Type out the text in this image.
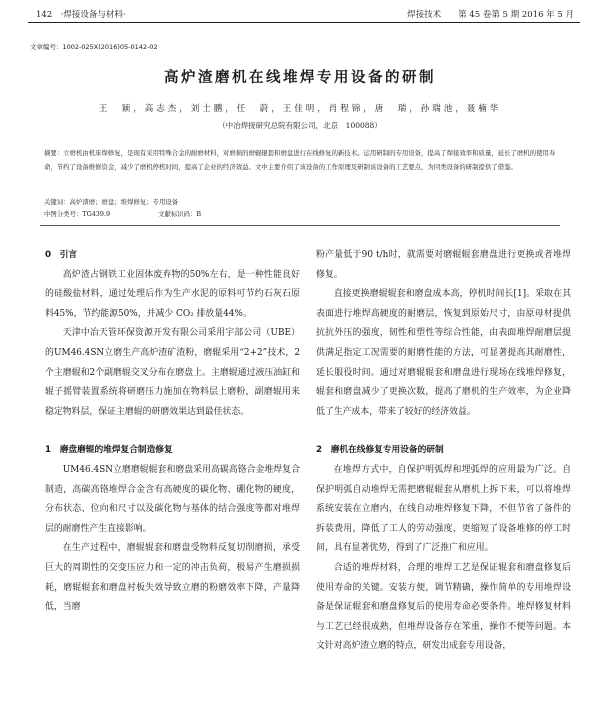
142　·焊接设备与材料·	焊接技术　　第 45 卷第 5 期 2016 年 5 月
文章编号：1002-025X(2016)05-0142-02
高炉渣磨机在线堆焊专用设备的研制
王　颖，高志杰，刘士鹏，任　蔚，王佳明，肖程锦，唐　瑞，孙瑞池，聂楠华
（中冶焊接研究总院有限公司，北京　100088）
摘要：立磨机由机床焊修复，是现有采用特殊合金的耐磨材料，对磨损的磨辊辊套和磨盘进行在线修复的新技术。运用研制的专用设备，提高了焊接效率和质量，延长了磨机的使用寿命，节约了设备维修资金，减少了磨机停机时间，提高了企业的经济效益。文中主要介绍了该设备的工作原理及研制该设备的工艺要点，为同类设备的研制提供了借鉴。
关键词：高炉渣磨；磨盘；堆焊修复；专用设备
中图分类号：TG439.9	文献标识码：B
0　引言

高炉渣占钢铁工业固体废弃物的50%左右，是一种性能良好的硅酸盐材料，通过处理后作为生产水泥的原料可节约石灰石原料45%，节约能源50%，并减少 CO₂ 排放量44%。

天津中冶天管环保资源开发有限公司采用宇部公司（UBE）的UM46.4SN立磨生产高炉渣矿渣粉，磨辊采用“2+2”技术，2个主磨辊和2个副磨辊交叉分布在磨盘上。主磨辊通过液压油缸和辊子摇臂装置系统将研磨压力施加在物料层上磨粉，副磨辊用来稳定物料层，保证主磨辊的研磨效果达到最佳状态。

1　磨盘磨辊的堆焊复合制造修复

UM46.4SN立磨磨辊辊套和磨盘采用高碳高铬合金堆焊复合制造，高碳高铬堆焊合金含有高硬度的碳化物、硼化物的硬度，分布状态、位向和尺寸以及碳化物与基体的结合强度等都对堆焊层的耐磨性产生直接影响。

在生产过程中，磨辊辊套和磨盘受物料反复切削磨损，承受巨大的周期性的交变压应力和一定的冲击负荷，极易产生磨损损耗，磨辊辊套和磨盘衬板失效导致立磨的粉磨效率下降，产量降低，当磨

粉产量低于90 t/h时，就需要对磨辊辊套磨盘进行更换或者堆焊修复。

直接更换磨辊辊套和磨盘成本高，停机时间长[1]。采取在其表面进行堆焊高硬度的耐磨层，恢复到原始尺寸，由原母材提供抗抗外压的强度，韧性和塑性等综合性能，由表面堆焊耐磨层提供满足指定工况需要的耐磨性能的方法，可显著提高其耐磨性，延长服役时间。通过对磨辊辊套和磨盘进行现场在线堆焊修复，辊套和磨盘减少了更换次数，提高了磨机的生产效率，为企业降低了生产成本，带来了较好的经济效益。

2　磨机在线修复专用设备的研制

在堆焊方式中，自保护明弧焊和埋弧焊的应用最为广泛。自保护明弧自动堆焊无需把磨辊辊套从磨机上拆下来，可以将堆焊系统安装在立磨内，在线自动堆焊修复下降，不但节省了备件的拆装费用，降低了工人的劳动强度，更缩短了设备堆修的停工时间，具有显著优势，得到了广泛推广和应用。

合适的堆焊材料，合理的堆焊工艺是保证辊套和磨盘修复后使用寿命的关键。安装方便，调节精确，操作简单的专用堆焊设备是保证辊套和磨盘修复后的使用寿命必要条件。堆焊修复材料与工艺已经很成熟，但堆焊设备存在笨重，操作不便等问题。本文针对高炉渣立磨的特点，研发出成套专用设备，
